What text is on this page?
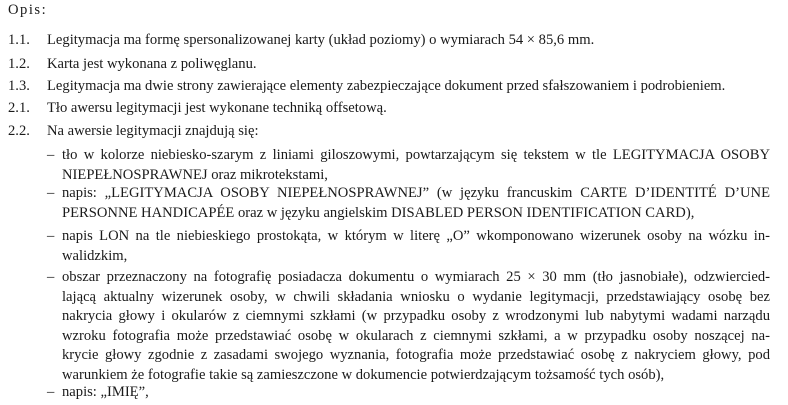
Opis:
1.1. Legitymacja ma formę spersonalizowanej karty (układ poziomy) o wymiarach 54 × 85,6 mm.
1.2. Karta jest wykonana z poliwęglanu.
1.3. Legitymacja ma dwie strony zawierające elementy zabezpieczające dokument przed sfałszowaniem i podrobieniem.
2.1. Tło awersu legitymacji jest wykonane techniką offsetową.
2.2. Na awersie legitymacji znajdują się:
– tło w kolorze niebiesko-szarym z liniami giloszowymi, powtarzającym się tekstem w tle LEGITYMACJA OSOBY
NIEPEŁNOSPRAWNEJ oraz mikrotekstami,
– napis: „LEGITYMACJA OSOBY NIEPEŁNOSPRAWNEJ” (w języku francuskim CARTE D’IDENTITÉ D’UNE
PERSONNE HANDICAPÉE oraz w języku angielskim DISABLED PERSON IDENTIFICATION CARD),
– napis LON na tle niebieskiego prostokąta, w którym w literę „O” wkomponowano wizerunek osoby na wózku in-
walidzkim,
– obszar przeznaczony na fotografię posiadacza dokumentu o wymiarach 25 × 30 mm (tło jasnobiałe), odzwiercied-
lającą aktualny wizerunek osoby, w chwili składania wniosku o wydanie legitymacji, przedstawiający osobę bez
nakrycia głowy i okularów z ciemnymi szkłami (w przypadku osoby z wrodzonymi lub nabytymi wadami narządu
wzroku fotografia może przedstawiać osobę w okularach z ciemnymi szkłami, a w przypadku osoby noszącej na-
krycie głowy zgodnie z zasadami swojego wyznania, fotografia może przedstawiać osobę z nakryciem głowy, pod
warunkiem że fotografie takie są zamieszczone w dokumencie potwierdzającym tożsamość tych osób),
– napis: „IMIĘ”,
